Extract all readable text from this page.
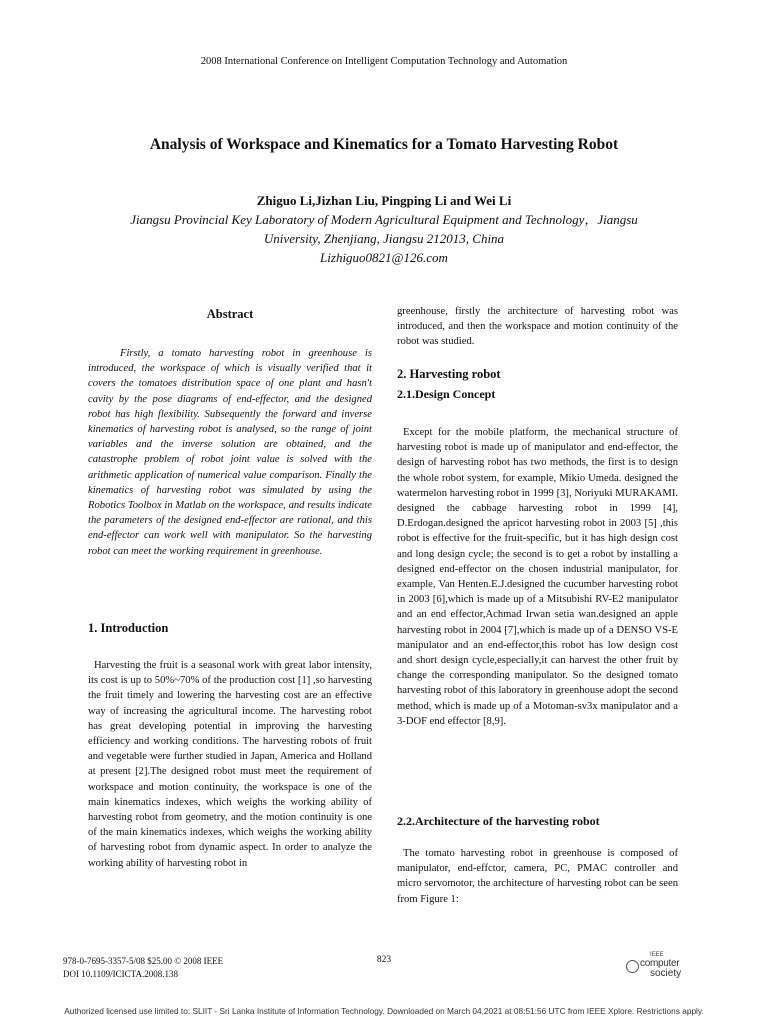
2008 International Conference on Intelligent Computation Technology and Automation
Analysis of Workspace and Kinematics for a Tomato Harvesting Robot
Zhiguo Li,Jizhan Liu, Pingping Li and Wei Li
Jiangsu Provincial Key Laboratory of Modern Agricultural Equipment and Technology，Jiangsu
University, Zhenjiang, Jiangsu 212013, China
Lizhiguo0821@126.com
Abstract
Firstly, a tomato harvesting robot in greenhouse is introduced, the workspace of which is visually verified that it covers the tomatoes distribution space of one plant and hasn't cavity by the pose diagrams of end-effector, and the designed robot has high flexibility. Subsequently the forward and inverse kinematics of harvesting robot is analysed, so the range of joint variables and the inverse solution are obtained, and the catastrophe problem of robot joint value is solved with the arithmetic application of numerical value comparison. Finally the kinematics of harvesting robot was simulated by using the Robotics Toolbox in Matlab on the workspace, and results indicate the parameters of the designed end-effector are rational, and this end-effector can work well with manipulator. So the harvesting robot can meet the working requirement in greenhouse.
1. Introduction
Harvesting the fruit is a seasonal work with great labor intensity, its cost is up to 50%~70% of the production cost [1] ,so harvesting the fruit timely and lowering the harvesting cost are an effective way of increasing the agricultural income. The harvesting robot has great developing potential in improving the harvesting efficiency and working conditions. The harvesting robots of fruit and vegetable were further studied in Japan, America and Holland at present [2].The designed robot must meet the requirement of workspace and motion continuity, the workspace is one of the main kinematics indexes, which weighs the working ability of harvesting robot from geometry, and the motion continuity is one of the main kinematics indexes, which weighs the working ability of harvesting robot from dynamic aspect. In order to analyze the working ability of harvesting robot in
greenhouse, firstly the architecture of harvesting robot was introduced, and then the workspace and motion continuity of the robot was studied.
2. Harvesting robot
2.1.Design Concept
Except for the mobile platform, the mechanical structure of harvesting robot is made up of manipulator and end-effector, the design of harvesting robot has two methods, the first is to design the whole robot system, for example, Mikio Umeda. designed the watermelon harvesting robot in 1999 [3], Noriyuki MURAKAMI. designed the cabbage harvesting robot in 1999 [4], D.Erdogan.designed the apricot harvesting robot in 2003 [5] ,this robot is effective for the fruit-specific, but it has high design cost and long design cycle; the second is to get a robot by installing a designed end-effector on the chosen industrial manipulator, for example, Van Henten.E.J.designed the cucumber harvesting robot in 2003 [6],which is made up of a Mitsubishi RV-E2 manipulator and an end effector,Achmad Irwan setia wan.designed an apple harvesting robot in 2004 [7],which is made up of a DENSO VS-E manipulator and an end-effector,this robot has low design cost and short design cycle,especially,it can harvest the other fruit by change the corresponding manipulator. So the designed tomato harvesting robot of this laboratory in greenhouse adopt the second method, which is made up of a Motoman-sv3x manipulator and a 3-DOF end effector [8,9].
2.2.Architecture of the harvesting robot
The tomato harvesting robot in greenhouse is composed of manipulator, end-effctor, camera, PC, PMAC controller and micro servomotor, the architecture of harvesting robot can be seen from Figure 1:
978-0-7695-3357-5/08 $25.00 © 2008 IEEE
DOI 10.1109/ICICTA.2008.138
823	IEEE
computer
society
Authorized licensed use limited to: SLIIT - Sri Lanka Institute of Information Technology. Downloaded on March 04,2021 at 08:51:56 UTC from IEEE Xplore. Restrictions apply.
